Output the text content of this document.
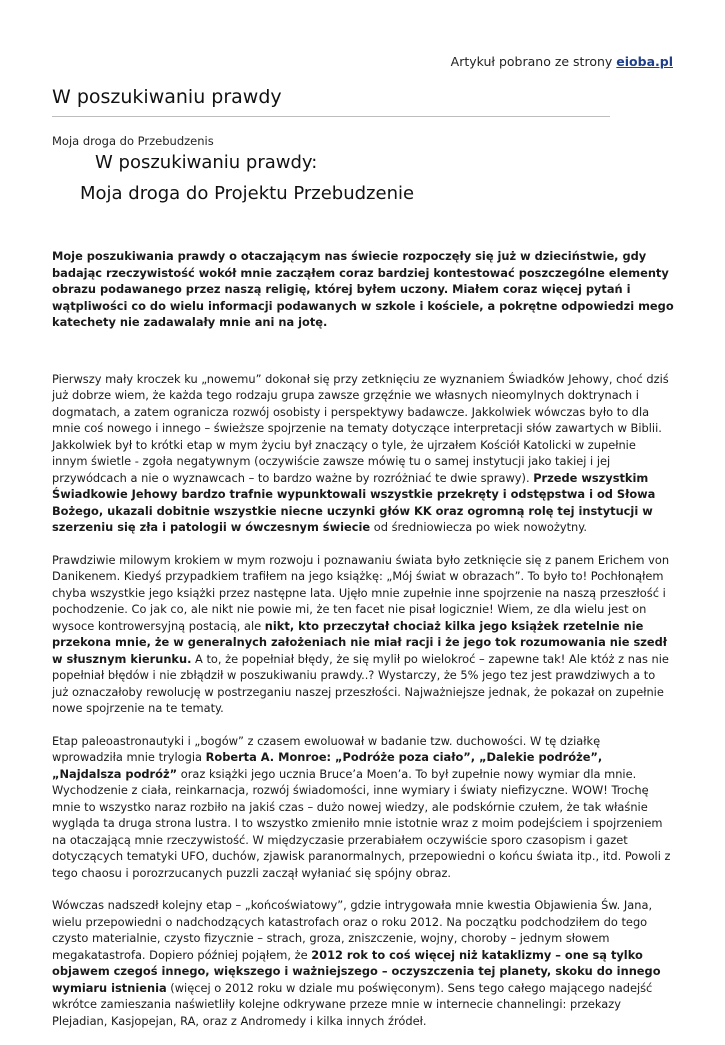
Artykuł pobrano ze strony eioba.pl
W poszukiwaniu prawdy
Moja droga do Przebudzenis
W poszukiwaniu prawdy:
Moja droga do Projektu Przebudzenie

Moje poszukiwania prawdy o otaczającym nas świecie rozpoczęły się już w dzieciństwie, gdy badając rzeczywistość wokół mnie zacząłem coraz bardziej kontestować poszczególne elementy obrazu podawanego przez naszą religię, której byłem uczony. Miałem coraz więcej pytań i wątpliwości co do wielu informacji podawanych w szkole i kościele, a pokrętne odpowiedzi mego katechety nie zadawalały mnie ani na jotę.

Pierwszy mały kroczek ku „nowemu” dokonał się przy zetknięciu ze wyznaniem Świadków Jehowy, choć dziś już dobrze wiem, że każda tego rodzaju grupa zawsze grzęźnie we własnych nieomylnych doktrynach i dogmatach, a zatem ogranicza rozwój osobisty i perspektywy badawcze. Jakkolwiek wówczas było to dla mnie coś nowego i innego – świeższe spojrzenie na tematy dotyczące interpretacji słów zawartych w Biblii. Jakkolwiek był to krótki etap w mym życiu był znaczący o tyle, że ujrzałem Kościół Katolicki w zupełnie innym świetle - zgoła negatywnym (oczywiście zawsze mówię tu o samej instytucji jako takiej i jej przywódcach a nie o wyznawcach – to bardzo ważne by rozróżniać te dwie sprawy). Przede wszystkim Świadkowie Jehowy bardzo trafnie wypunktowali wszystkie przekręty i odstępstwa i od Słowa Bożego, ukazali dobitnie wszystkie niecne uczynki głów KK oraz ogromną rolę tej instytucji w szerzeniu się zła i patologii w ówczesnym świecie od średniowiecza po wiek nowożytny.

Prawdziwie milowym krokiem w mym rozwoju i poznawaniu świata było zetknięcie się z panem Erichem von Danikenem. Kiedyś przypadkiem trafiłem na jego książkę: „Mój świat w obrazach”. To było to! Pochłonąłem chyba wszystkie jego książki przez następne lata. Ujęło mnie zupełnie inne spojrzenie na naszą przeszłość i pochodzenie. Co jak co, ale nikt nie powie mi, że ten facet nie pisał logicznie! Wiem, ze dla wielu jest on wysoce kontrowersyjną postacią, ale nikt, kto przeczytał chociaż kilka jego książek rzetelnie nie przekona mnie, że w generalnych założeniach nie miał racji i że jego tok rozumowania nie szedł w słusznym kierunku. A to, że popełniał błędy, że się mylił po wielokroć – zapewne tak! Ale któż z nas nie popełniał błędów i nie zbłądził w poszukiwaniu prawdy..? Wystarczy, że 5% jego tez jest prawdziwych a to już oznaczałoby rewolucję w postrzeganiu naszej przeszłości. Najważniejsze jednak, że pokazał on zupełnie nowe spojrzenie na te tematy.

Etap paleoastronautyki i „bogów” z czasem ewoluował w badanie tzw. duchowości. W tę działkę wprowadziła mnie trylogia Roberta A. Monroe: „Podróże poza ciało”, „Dalekie podróże”, „Najdalsza podróż” oraz książki jego ucznia Bruce’a Moen’a. To był zupełnie nowy wymiar dla mnie. Wychodzenie z ciała, reinkarnacja, rozwój świadomości, inne wymiary i światy niefizyczne. WOW! Trochę mnie to wszystko naraz rozbiło na jakiś czas – dużo nowej wiedzy, ale podskórnie czułem, że tak właśnie wygląda ta druga strona lustra. I to wszystko zmieniło mnie istotnie wraz z moim podejściem i spojrzeniem na otaczającą mnie rzeczywistość. W międzyczasie przerabiałem oczywiście sporo czasopism i gazet dotyczących tematyki UFO, duchów, zjawisk paranormalnych, przepowiedni o końcu świata itp., itd. Powoli z tego chaosu i porozrzucanych puzzli zaczął wyłaniać się spójny obraz.

Wówczas nadszedł kolejny etap – „końcoświatowy”, gdzie intrygowała mnie kwestia Objawienia Św. Jana, wielu przepowiedni o nadchodzących katastrofach oraz o roku 2012. Na początku podchodziłem do tego czysto materialnie, czysto fizycznie – strach, groza, zniszczenie, wojny, choroby – jednym słowem megakatastrofa. Dopiero później pojąłem, że 2012 rok to coś więcej niż kataklizmy – one są tylko objawem czegoś innego, większego i ważniejszego – oczyszczenia tej planety, skoku do innego wymiaru istnienia (więcej o 2012 roku w dziale mu poświęconym). Sens tego całego mającego nadejść wkrótce zamieszania naświetliły kolejne odkrywane przeze mnie w internecie channelingi: przekazy Plejadian, Kasjopejan, RA, oraz z Andromedy i kilka innych źródeł.
